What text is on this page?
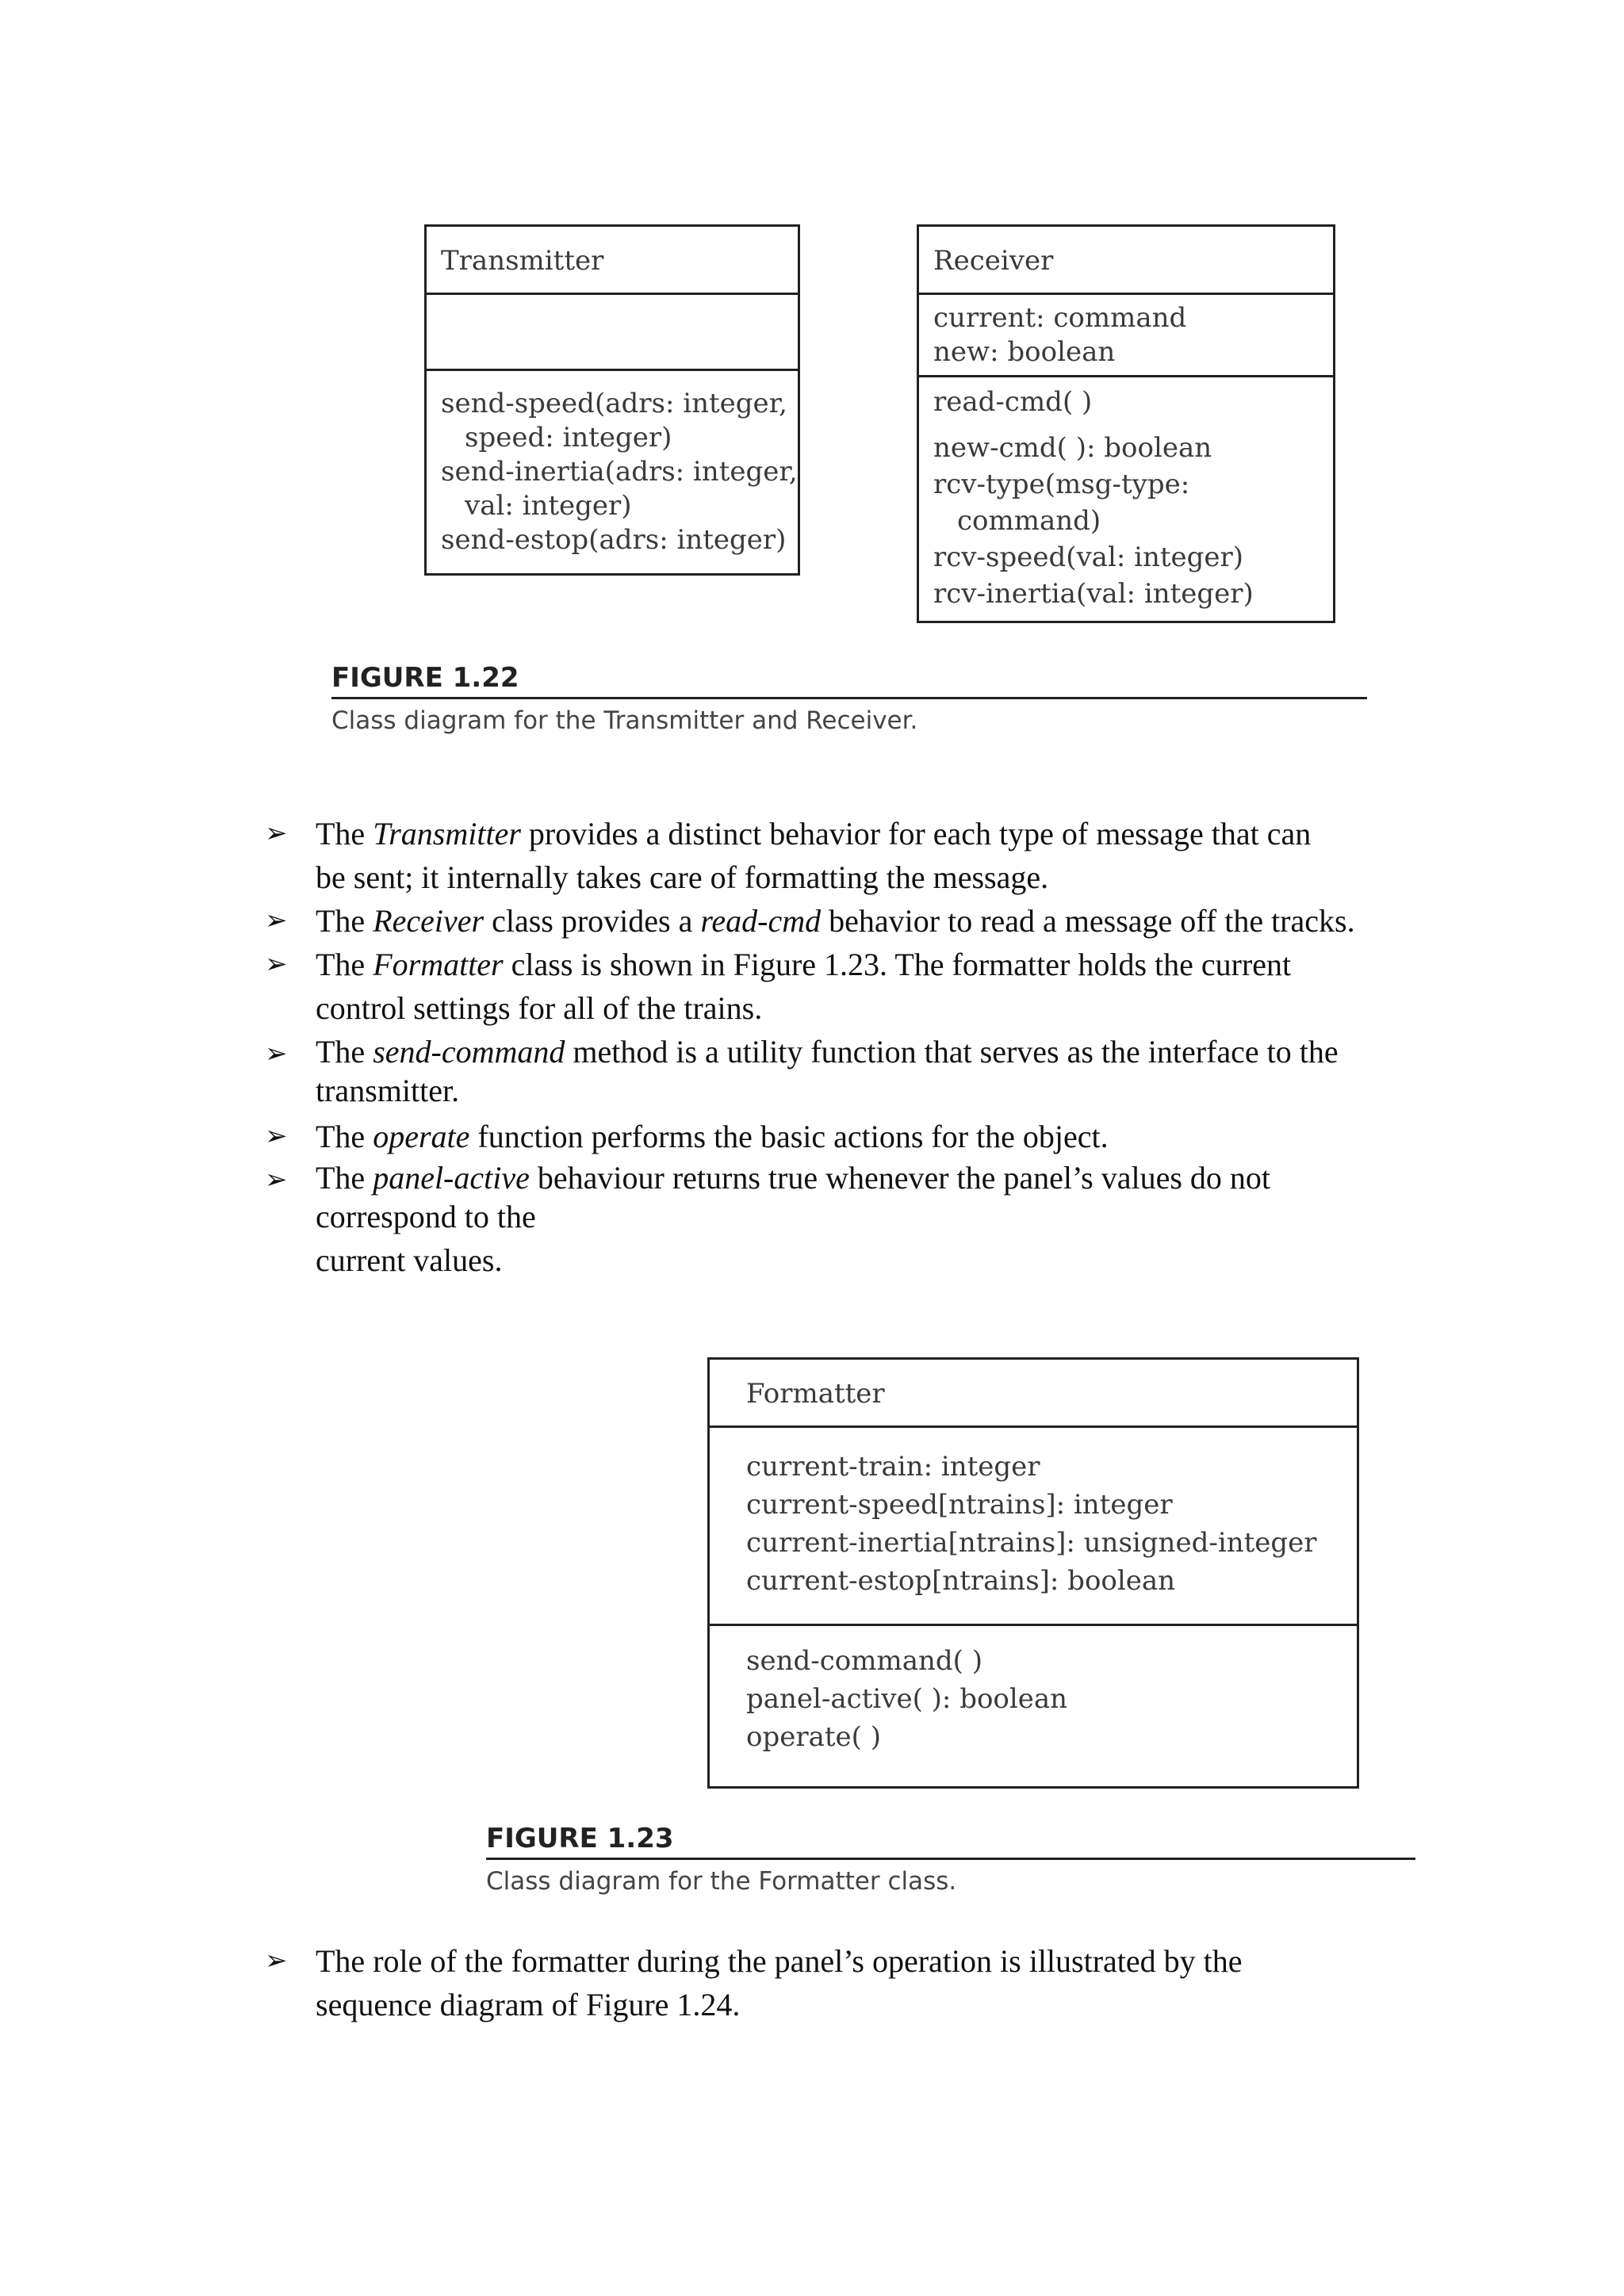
Transmitter
send-speed(adrs: integer,
speed: integer)
send-inertia(adrs: integer,
val: integer)
send-estop(adrs: integer)
Receiver
current: command
new: boolean
read-cmd( )
new-cmd( ): boolean
rcv-type(msg-type:
command)
rcv-speed(val: integer)
rcv-inertia(val: integer)
FIGURE 1.22
Class diagram for the Transmitter and Receiver.
➢ The Transmitter provides a distinct behavior for each type of message that can
be sent; it internally takes care of formatting the message.
➢ The Receiver class provides a read-cmd behavior to read a message off the tracks.
➢ The Formatter class is shown in Figure 1.23. The formatter holds the current
control settings for all of the trains.
➢ The send-command method is a utility function that serves as the interface to the
transmitter.
➢ The operate function performs the basic actions for the object.
➢ The panel-active behaviour returns true whenever the panel’s values do not
correspond to the
current values.
Formatter
current-train: integer
current-speed[ntrains]: integer
current-inertia[ntrains]: unsigned-integer
current-estop[ntrains]: boolean
send-command( )
panel-active( ): boolean
operate( )
FIGURE 1.23
Class diagram for the Formatter class.
➢ The role of the formatter during the panel’s operation is illustrated by the
sequence diagram of Figure 1.24.
